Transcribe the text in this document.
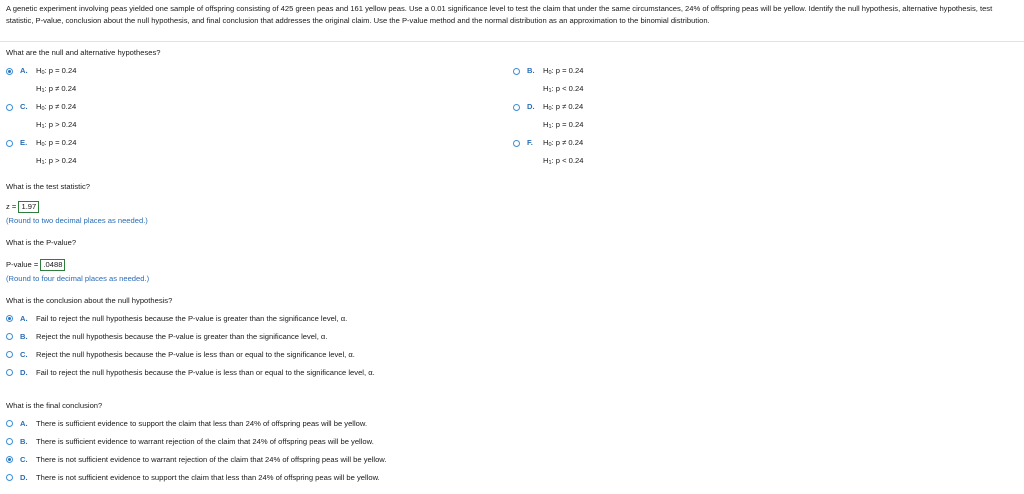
A genetic experiment involving peas yielded one sample of offspring consisting of 425 green peas and 161 yellow peas. Use a 0.01 significance level to test the claim that under the same circumstances, 24% of offspring peas will be yellow. Identify the null hypothesis, alternative hypothesis, test statistic, P-value, conclusion about the null hypothesis, and final conclusion that addresses the original claim. Use the P-value method and the normal distribution as an approximation to the binomial distribution.
What are the null and alternative hypotheses?
A. H0: p = 0.24
H1: p ≠ 0.24
B. H0: p = 0.24
H1: p < 0.24
C. H0: p ≠ 0.24
H1: p > 0.24
D. H0: p ≠ 0.24
H1: p = 0.24
E. H0: p = 0.24
H1: p > 0.24
F. H0: p ≠ 0.24
H1: p < 0.24
What is the test statistic?
z = 1.97
(Round to two decimal places as needed.)
What is the P-value?
P-value = .0488
(Round to four decimal places as needed.)
What is the conclusion about the null hypothesis?
A. Fail to reject the null hypothesis because the P-value is greater than the significance level, α.
B. Reject the null hypothesis because the P-value is greater than the significance level, α.
C. Reject the null hypothesis because the P-value is less than or equal to the significance level, α.
D. Fail to reject the null hypothesis because the P-value is less than or equal to the significance level, α.
What is the final conclusion?
A. There is sufficient evidence to support the claim that less than 24% of offspring peas will be yellow.
B. There is sufficient evidence to warrant rejection of the claim that 24% of offspring peas will be yellow.
C. There is not sufficient evidence to warrant rejection of the claim that 24% of offspring peas will be yellow.
D. There is not sufficient evidence to support the claim that less than 24% of offspring peas will be yellow.
